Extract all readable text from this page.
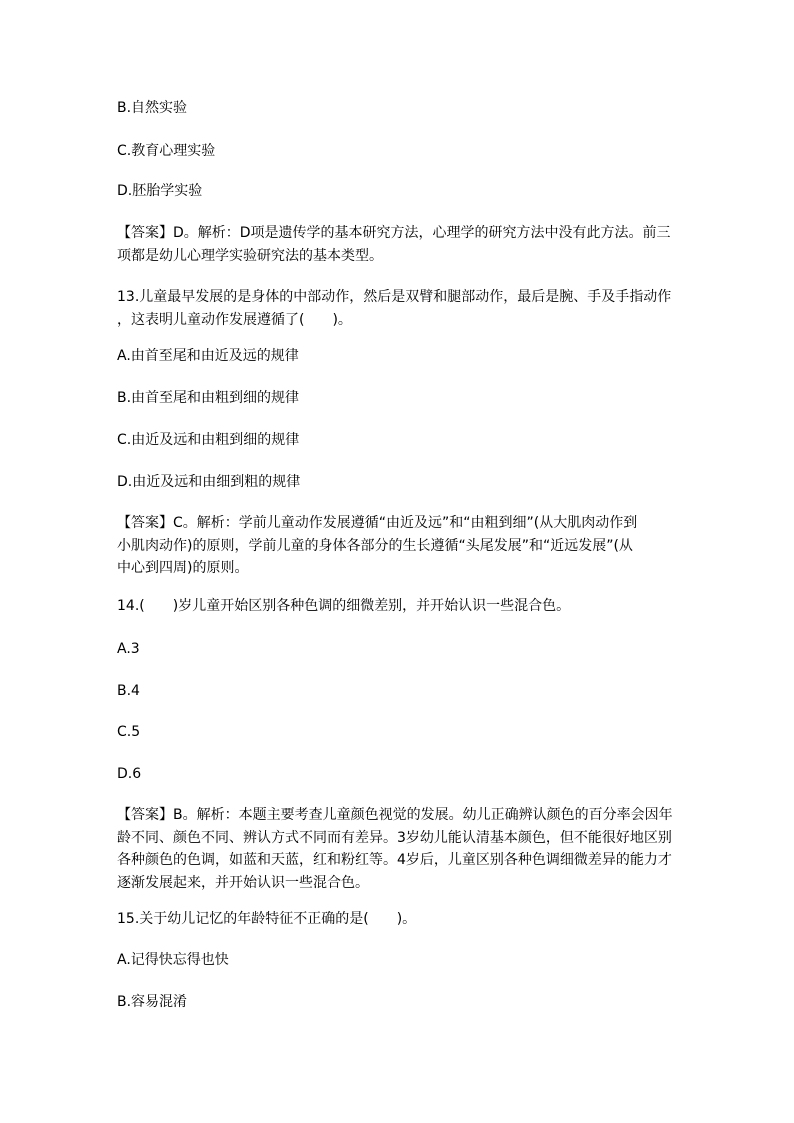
B.自然实验
C.教育心理实验
D.胚胎学实验
【答案】D。解析：D项是遗传学的基本研究方法，心理学的研究方法中没有此方法。前三
项都是幼儿心理学实验研究法的基本类型。
13.儿童最早发展的是身体的中部动作，然后是双臂和腿部动作，最后是腕、手及手指动作
，这表明儿童动作发展遵循了(　　)。
A.由首至尾和由近及远的规律
B.由首至尾和由粗到细的规律
C.由近及远和由粗到细的规律
D.由近及远和由细到粗的规律
【答案】C。解析：学前儿童动作发展遵循“由近及远”和“由粗到细”(从大肌肉动作到
小肌肉动作)的原则，学前儿童的身体各部分的生长遵循“头尾发展”和“近远发展”(从
中心到四周)的原则。
14.(　　)岁儿童开始区别各种色调的细微差别，并开始认识一些混合色。
A.3
B.4
C.5
D.6
【答案】B。解析：本题主要考查儿童颜色视觉的发展。幼儿正确辨认颜色的百分率会因年
龄不同、颜色不同、辨认方式不同而有差异。3岁幼儿能认清基本颜色，但不能很好地区别
各种颜色的色调，如蓝和天蓝，红和粉红等。4岁后，儿童区别各种色调细微差异的能力才
逐渐发展起来，并开始认识一些混合色。
15.关于幼儿记忆的年龄特征不正确的是(　　)。
A.记得快忘得也快
B.容易混淆
